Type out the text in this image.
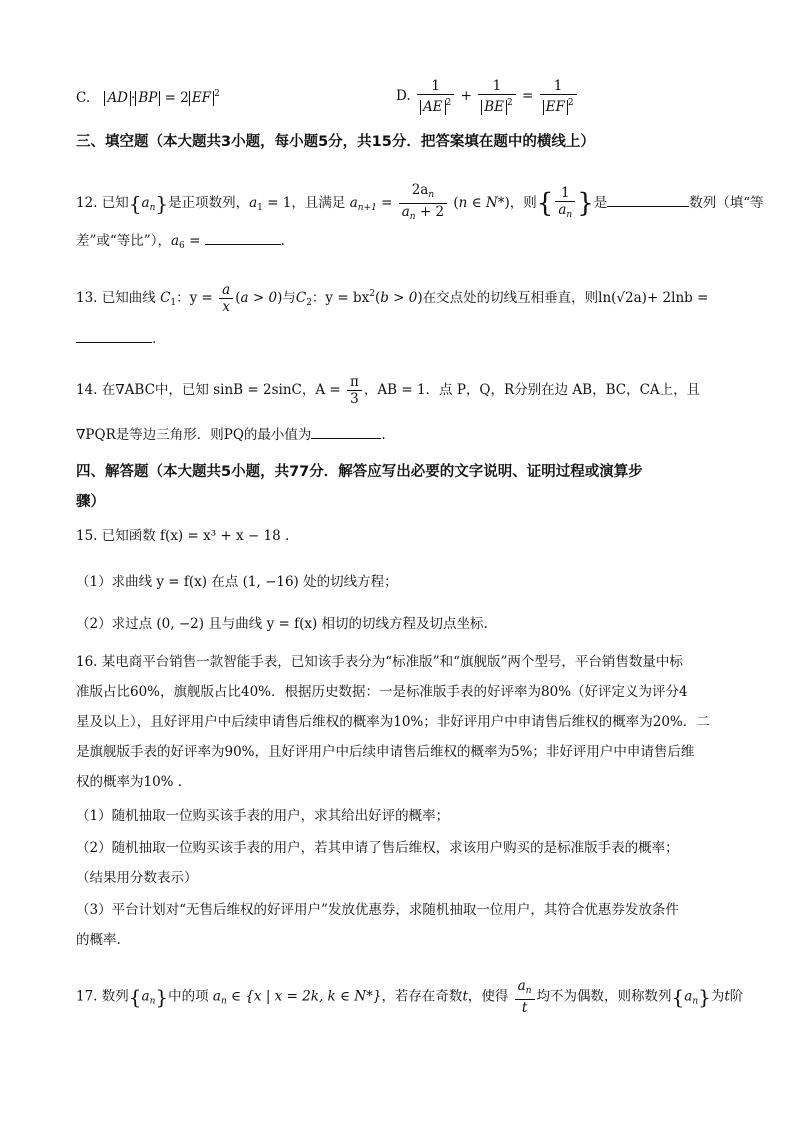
C. AD · BP = 2 EF $^2$	D. $\frac{1}{AE ^2} + \frac{1}{BE ^2} = \frac{1}{EF ^2}$
三、填空题（本大题共3小题，每小题5分，共15分．把答案填在题中的横线上）
12. 已知$\{a_n\}$是正项数列，$a_1 = 1$，且满足 $a_{n+1} = \frac{2a_n}{a_n + 2} (n$ ∈ N*)，则{ $\frac{1}{a_n}$ }是	数列（填“等
差”或“等比”），$a_6$ =	.
13. 已知曲线 $C_1$：$y = \frac{a}{x} (a > 0)$与$C_2$：$y = bx^2(b > 0)$在交点处的切线互相垂直，则ln(√2a)+ 2lnb =
.
14. 在∇ABC中，已知 sinB = 2sinC，$A = \frac{\pi}{3}$ ，AB = 1．点 P，Q，R分别在边 AB，BC，CA上，且
∇PQR是等边三角形．则PQ的最小值为	.
四、解答题（本大题共5小题，共77分．解答应写出必要的文字说明、证明过程或演算步
骤）
15. 已知函数 f(x) = x³ + x − 18 .
（1）求曲线 y = f(x) 在点 (1, −16) 处的切线方程；
（2）求过点 (0, −2) 且与曲线 y = f(x) 相切的切线方程及切点坐标.
16. 某电商平台销售一款智能手表，已知该手表分为“标准版”和“旗舰版”两个型号，平台销售数量中标
准版占比60%，旗舰版占比40%．根据历史数据：一是标准版手表的好评率为80%（好评定义为评分4
星及以上），且好评用户中后续申请售后维权的概率为10%；非好评用户中申请售后维权的概率为20%．二
是旗舰版手表的好评率为90%，且好评用户中后续申请售后维权的概率为5%；非好评用户中申请售后维
权的概率为10% .
（1）随机抽取一位购买该手表的用户，求其给出好评的概率；
（2）随机抽取一位购买该手表的用户，若其申请了售后维权，求该用户购买的是标准版手表的概率；
（结果用分数表示）
（3）平台计划对“无售后维权的好评用户”发放优惠券，求随机抽取一位用户，其符合优惠券发放条件
的概率.
17. 数列$\{a_n\}$中的项 $a_n$ ∈ {x | x = 2k, k ∈ N*}，若存在奇数t，使得 $\frac{a_n}{t}$ 均不为偶数，则称数列$\{a_n\}$为t阶
